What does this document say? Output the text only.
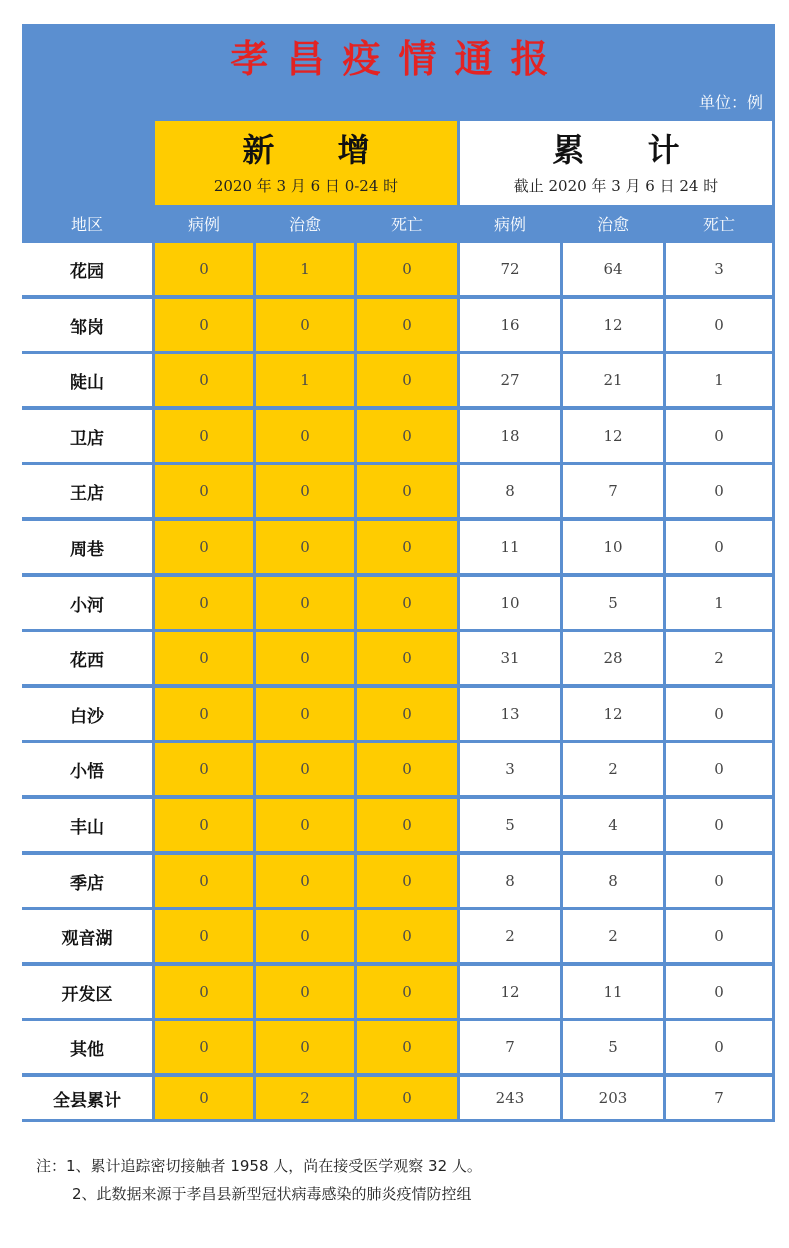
孝昌疫情通报
单位：例
新 增
2020 年 3 月 6 日 0-24 时
累 计
截止 2020 年 3 月 6 日 24 时
地区	病例	治愈	死亡	病例	治愈	死亡
花园	0	1	0	72	64	3
邹岗	0	0	0	16	12	0
陡山	0	1	0	27	21	1
卫店	0	0	0	18	12	0
王店	0	0	0	8	7	0
周巷	0	0	0	11	10	0
小河	0	0	0	10	5	1
花西	0	0	0	31	28	2
白沙	0	0	0	13	12	0
小悟	0	0	0	3	2	0
丰山	0	0	0	5	4	0
季店	0	0	0	8	8	0
观音湖	0	0	0	2	2	0
开发区	0	0	0	12	11	0
其他	0	0	0	7	5	0
全县累计	0	2	0	243	203	7
注：1、累计追踪密切接触者 1958 人，尚在接受医学观察 32 人。
2、此数据来源于孝昌县新型冠状病毒感染的肺炎疫情防控组
